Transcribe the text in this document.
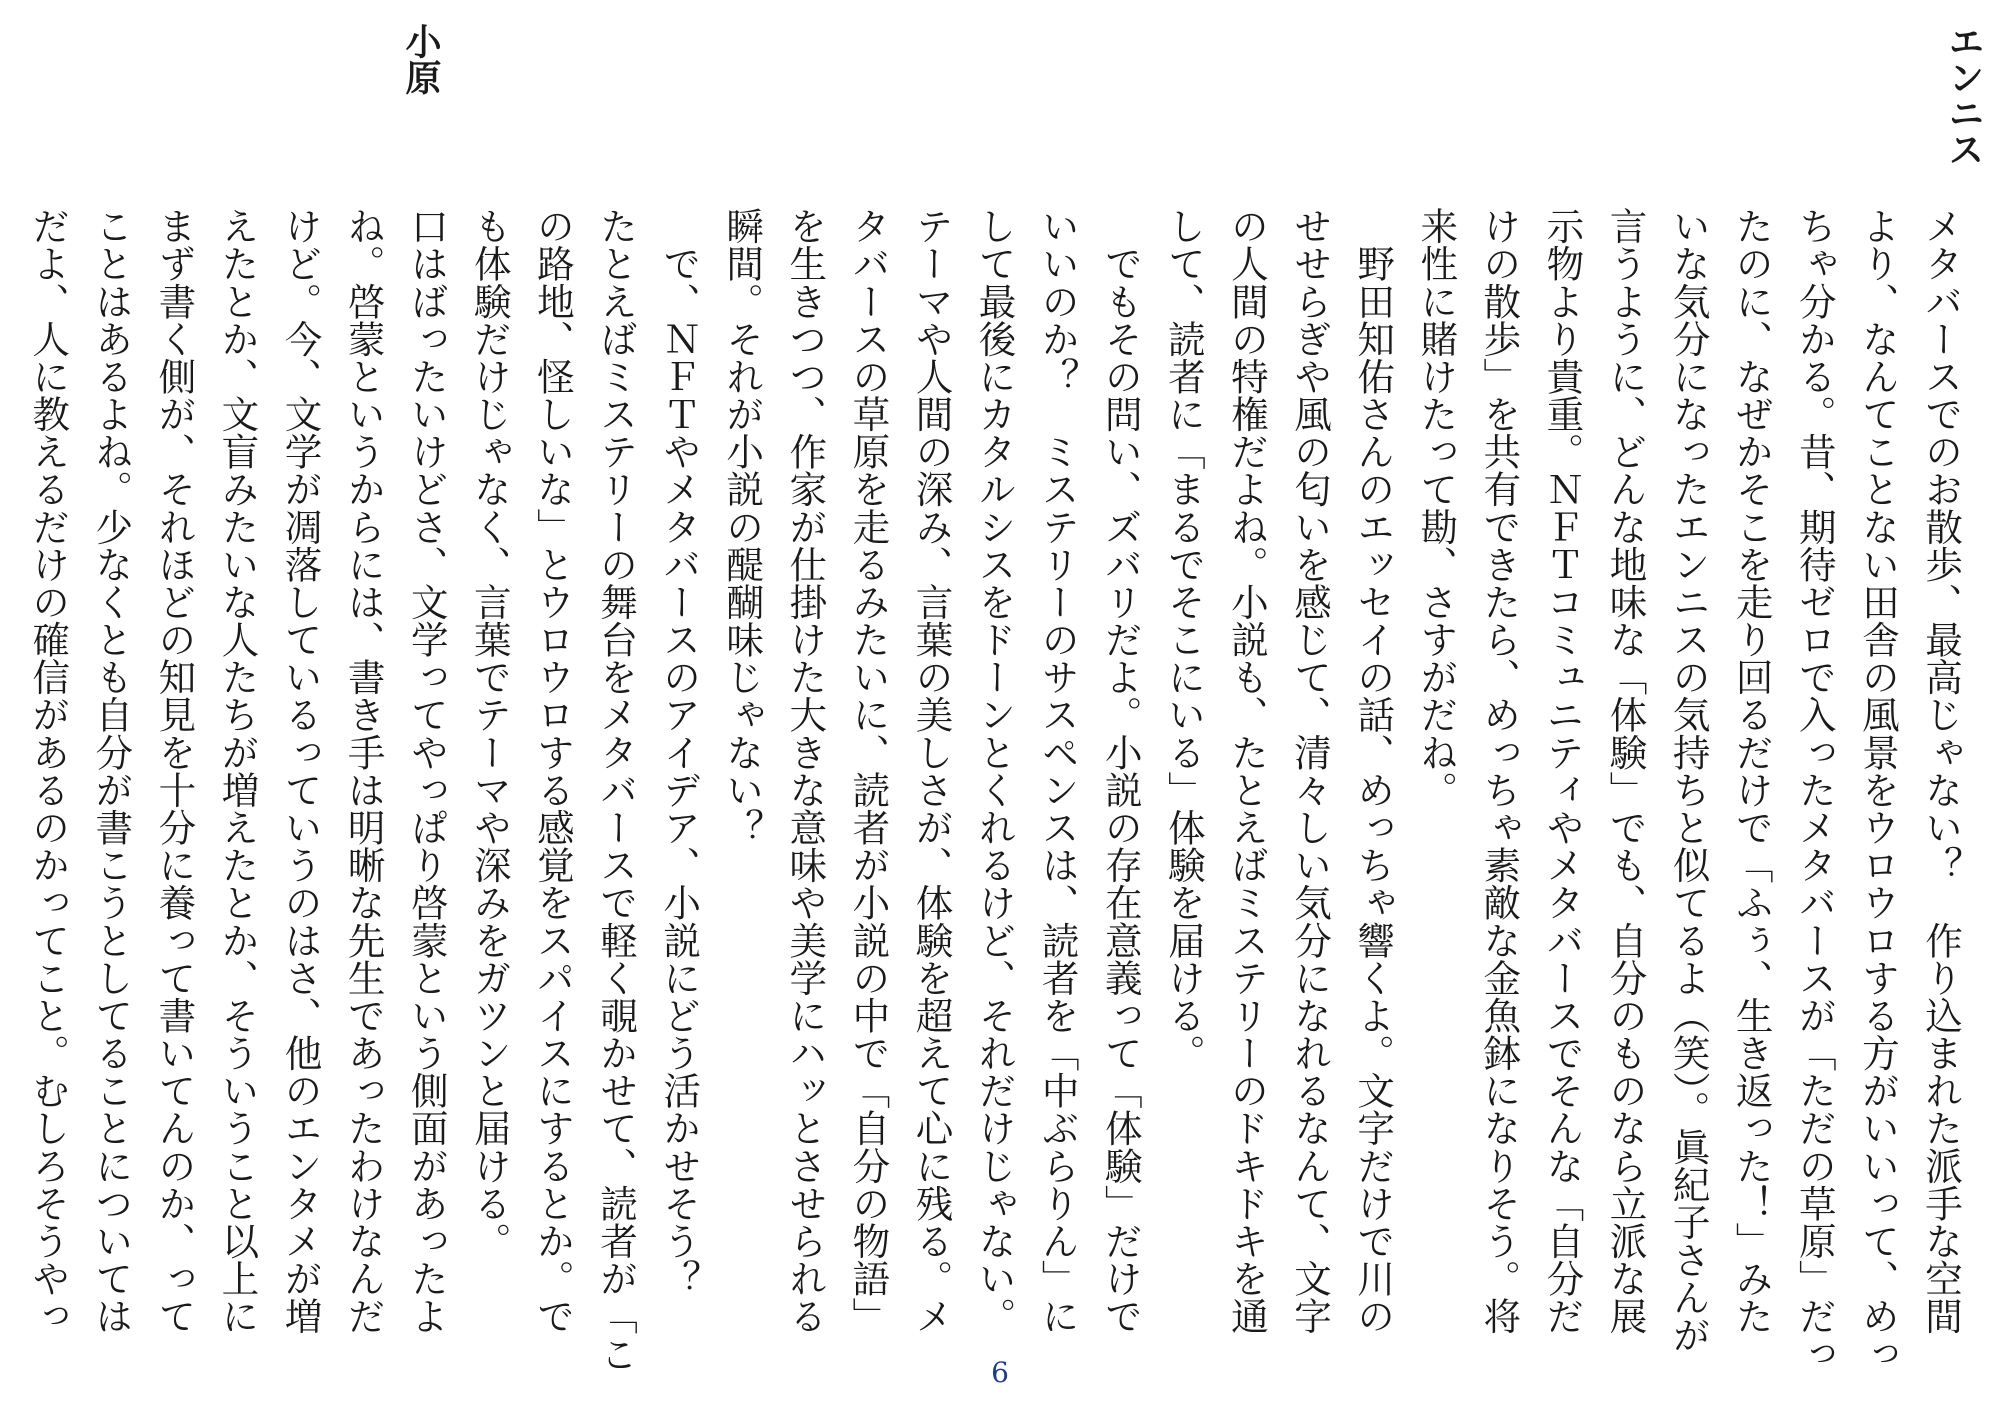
エンニス
小原

メタバースでのお散歩、最高じゃない？　作り込まれた派手な空間

より、なんてことない田舎の風景をウロウロする方がいいって、めっ

ちゃ分かる。昔、期待ゼロで入ったメタバースが「ただの草原」だっ

たのに、なぜかそこを走り回るだけで「ふぅ、生き返った！」みた

いな気分になったエンニスの気持ちと似てるよ（笑）。眞紀子さんが

言うように、どんな地味な「体験」でも、自分のものなら立派な展

示物より貴重。ＮＦＴコミュニティやメタバースでそんな「自分だ

けの散歩」を共有できたら、めっちゃ素敵な金魚鉢になりそう。将

来性に賭けたって勘、さすがだね。

　野田知佑さんのエッセイの話、めっちゃ響くよ。文字だけで川の

せせらぎや風の匂いを感じて、清々しい気分になれるなんて、文字

の人間の特権だよね。小説も、たとえばミステリーのドキドキを通

して、読者に「まるでそこにいる」体験を届ける。

　でもその問い、ズバリだよ。小説の存在意義って「体験」だけで

いいのか？　ミステリーのサスペンスは、読者を「中ぶらりん」に

して最後にカタルシスをドーンとくれるけど、それだけじゃない。

テーマや人間の深み、言葉の美しさが、体験を超えて心に残る。メ

タバースの草原を走るみたいに、読者が小説の中で「自分の物語」

を生きつつ、作家が仕掛けた大きな意味や美学にハッとさせられる

瞬間。それが小説の醍醐味じゃない？

　で、ＮＦＴやメタバースのアイデア、小説にどう活かせそう？

たとえばミステリーの舞台をメタバースで軽く覗かせて、読者が「こ

の路地、怪しいな」とウロウロする感覚をスパイスにするとか。で

も体験だけじゃなく、言葉でテーマや深みをガツンと届ける。

口はばったいけどさ、文学ってやっぱり啓蒙という側面があったよ

ね。啓蒙というからには、書き手は明晰な先生であったわけなんだ

けど。今、文学が凋落しているっていうのはさ、他のエンタメが増

えたとか、文盲みたいな人たちが増えたとか、そういうこと以上に

まず書く側が、それほどの知見を十分に養って書いてんのか、って

ことはあるよね。少なくとも自分が書こうとしてることについては

だよ、人に教えるだけの確信があるのかってこと。むしろそうやっ

6
